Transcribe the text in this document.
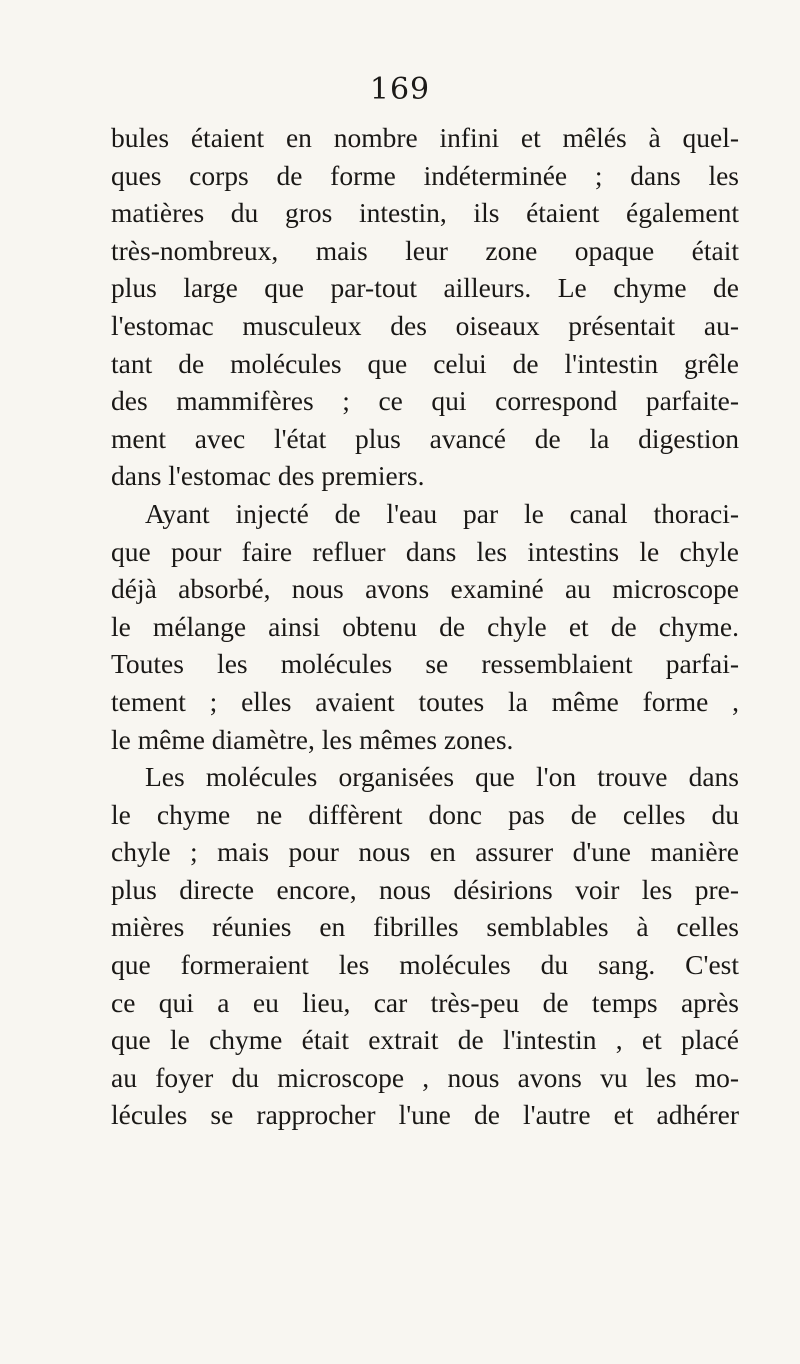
169
bules étaient en nombre infini et mêlés à quel-
ques corps de forme indéterminée ; dans les
matières du gros intestin, ils étaient également
très-nombreux, mais leur zone opaque était
plus large que par-tout ailleurs. Le chyme de
l'estomac musculeux des oiseaux présentait au-
tant de molécules que celui de l'intestin grêle
des mammifères ; ce qui correspond parfaite-
ment avec l'état plus avancé de la digestion
dans l'estomac des premiers.
Ayant injecté de l'eau par le canal thoraci-
que pour faire refluer dans les intestins le chyle
déjà absorbé, nous avons examiné au microscope
le mélange ainsi obtenu de chyle et de chyme.
Toutes les molécules se ressemblaient parfai-
tement ; elles avaient toutes la même forme ,
le même diamètre, les mêmes zones.
Les molécules organisées que l'on trouve dans
le chyme ne diffèrent donc pas de celles du
chyle ; mais pour nous en assurer d'une manière
plus directe encore, nous désirions voir les pre-
mières réunies en fibrilles semblables à celles
que formeraient les molécules du sang. C'est
ce qui a eu lieu, car très-peu de temps après
que le chyme était extrait de l'intestin , et placé
au foyer du microscope , nous avons vu les mo-
lécules se rapprocher l'une de l'autre et adhérer
